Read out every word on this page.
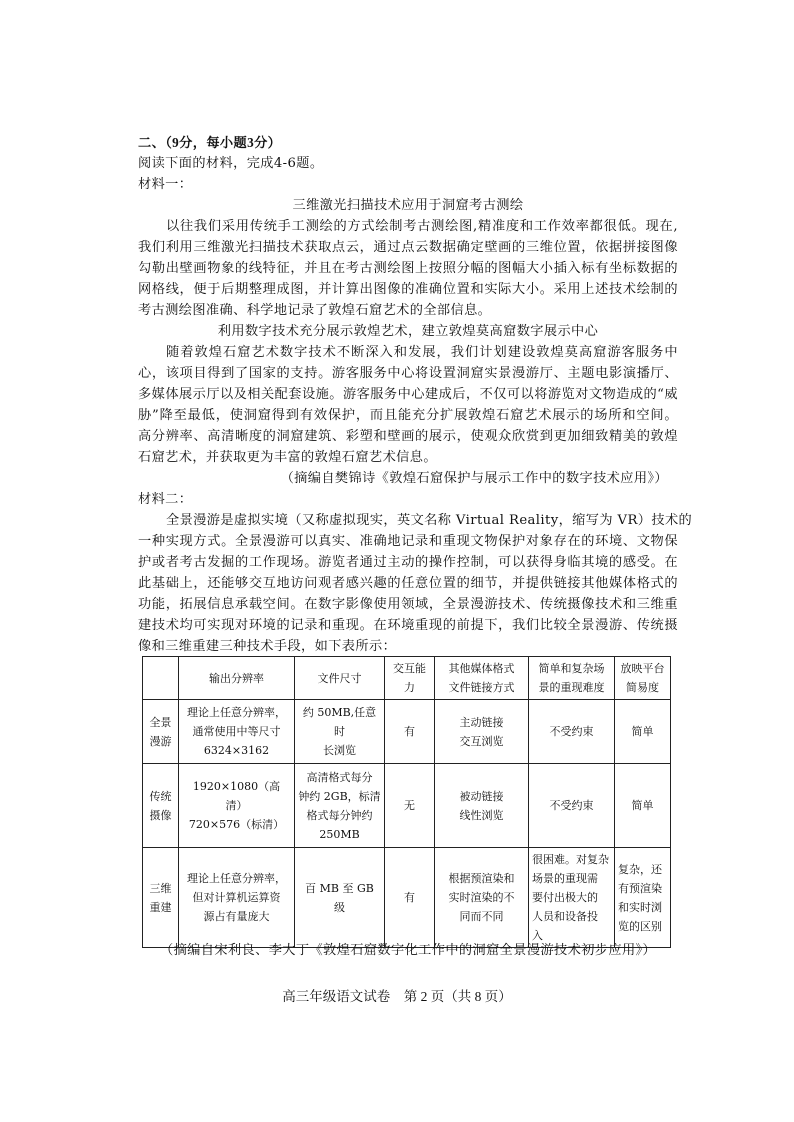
二、（9分，每小题3分）
阅读下面的材料，完成4-6题。
材料一：
三维激光扫描技术应用于洞窟考古测绘
以往我们采用传统手工测绘的方式绘制考古测绘图,精准度和工作效率都很低。现在,
我们利用三维激光扫描技术获取点云，通过点云数据确定壁画的三维位置，依据拼接图像
勾勒出壁画物象的线特征，并且在考古测绘图上按照分幅的图幅大小插入标有坐标数据的
网格线，便于后期整理成图，并计算出图像的准确位置和实际大小。采用上述技术绘制的
考古测绘图准确、科学地记录了敦煌石窟艺术的全部信息。
利用数字技术充分展示敦煌艺术，建立敦煌莫高窟数字展示中心
随着敦煌石窟艺术数字技术不断深入和发展，我们计划建设敦煌莫高窟游客服务中
心，该项目得到了国家的支持。游客服务中心将设置洞窟实景漫游厅、主题电影演播厅、
多媒体展示厅以及相关配套设施。游客服务中心建成后，不仅可以将游览对文物造成的“威
胁”降至最低，使洞窟得到有效保护，而且能充分扩展敦煌石窟艺术展示的场所和空间。
高分辨率、高清晰度的洞窟建筑、彩塑和壁画的展示，使观众欣赏到更加细致精美的敦煌
石窟艺术，并获取更为丰富的敦煌石窟艺术信息。
（摘编自樊锦诗《敦煌石窟保护与展示工作中的数字技术应用》）
材料二：
全景漫游是虚拟实境（又称虚拟现实，英文名称 Virtual Reality，缩写为 VR）技术的
一种实现方式。全景漫游可以真实、准确地记录和重现文物保护对象存在的环境、文物保
护或者考古发掘的工作现场。游览者通过主动的操作控制，可以获得身临其境的感受。在
此基础上，还能够交互地访问观者感兴趣的任意位置的细节，并提供链接其他媒体格式的
功能，拓展信息承载空间。在数字影像使用领域，全景漫游技术、传统摄像技术和三维重
建技术均可实现对环境的记录和重现。在环境重现的前提下，我们比较全景漫游、传统摄
	输出分辨率	文件尺寸	交互能力	其他媒体格式
文件链接方式	简单和复杂场
景的重现难度	放映平台
简易度
全景
漫游	理论上任意分辨率，
通常使用中等尺寸
6324×3162	约 50MB,任意时
长浏览	有	主动链接
交互浏览	不受约束	简单
传统
摄像	1920×1080（高清）
720×576（标清）	高清格式每分
钟约 2GB，标清
格式每分钟约
250MB	无	被动链接
线性浏览	不受约束	简单
三维
重建	理论上任意分辨率，
但对计算机运算资
源占有量庞大	百 MB 至 GB 级	有	根据预渲染和
实时渲染的不
同而不同	很困难。对复杂
场景的重现需
要付出极大的
人员和设备投
入	复杂，还
有预渲染
和实时浏
览的区别
（摘编自宋利良、李大丁《敦煌石窟数字化工作中的洞窟全景漫游技术初步应用》）
高三年级语文试卷　第 2 页（共 8 页）
像和三维重建三种技术手段，如下表所示：
